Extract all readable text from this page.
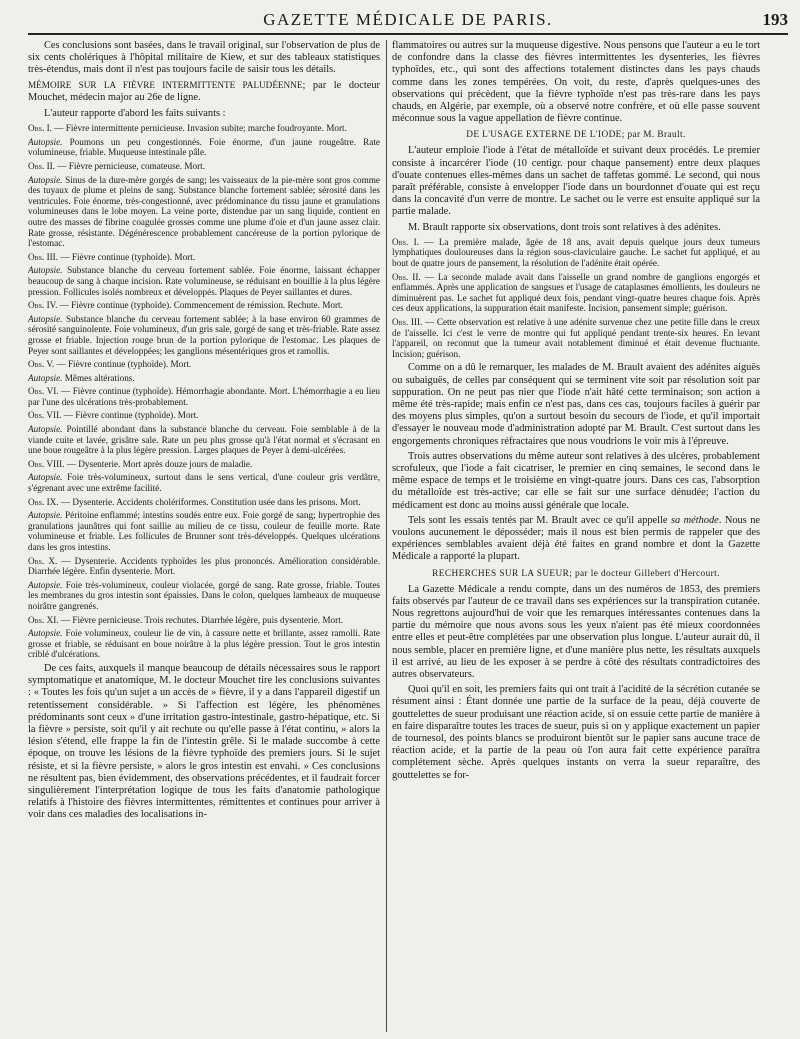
GAZETTE MÉDICALE DE PARIS.	193

Ces conclusions sont basées, dans le travail original, sur l'observation de plus de six cents cholériques à l'hôpital militaire de Kiew, et sur des tableaux statistiques très-étendus, mais dont il n'est pas toujours facile de saisir tous les détails.

MÉMOIRE SUR LA FIÈVRE INTERMITTENTE PALUDÉENNE; par le docteur Mouchet, médecin major au 26e de ligne.

L'auteur rapporte d'abord les faits suivants :

Obs. I. — Fièvre intermittente pernicieuse. Invasion subite; marche foudroyante. Mort.

Autopsie. Poumons un peu congestionnés. Foie énorme, d'un jaune rougeâtre. Rate volumineuse, friable. Muqueuse intestinale pâle.

Obs. II. — Fièvre pernicieuse, comateuse. Mort.

Autopsie. Sinus de la dure-mère gorgés de sang; les vaisseaux de la pie-mère sont gros comme des tuyaux de plume et pleins de sang. Substance blanche fortement sablée; sérosité dans les ventricules. Foie énorme, très-congestionné, avec prédominance du tissu jaune et granulations volumineuses dans le lobe moyen. La veine porte, distendue par un sang liquide, contient en outre des masses de fibrine coagulée grosses comme une plume d'oie et d'un jaune assez clair. Rate grosse, résistante. Dégénérescence probablement cancéreuse de la portion pylorique de l'estomac.

Obs. III. — Fièvre continue (typhoïde). Mort.

Autopsie. Substance blanche du cerveau fortement sablée. Foie énorme, laissant échapper beaucoup de sang à chaque incision. Rate volumineuse, se réduisant en bouillie à la plus légère pression. Follicules isolés nombreux et développés. Plaques de Peyer saillantes et dures.

Obs. IV. — Fièvre continue (typhoïde). Commencement de rémission. Rechute. Mort.

Autopsie. Substance blanche du cerveau fortement sablée; à la base environ 60 grammes de sérosité sanguinolente. Foie volumineux, d'un gris sale, gorgé de sang et très-friable. Rate assez grosse et friable. Injection rouge brun de la portion pylorique de l'estomac. Les plaques de Peyer sont saillantes et développées; les ganglions mésentériques gros et ramollis.

Obs. V. — Fièvre continue (typhoïde). Mort.

Autopsie. Mêmes altérations.

Obs. VI. — Fièvre continue (typhoïde). Hémorrhagie abondante. Mort. L'hémorrhagie a eu lieu par l'une des ulcérations très-probablement.

Obs. VII. — Fièvre continue (typhoïde). Mort.

Autopsie. Pointillé abondant dans la substance blanche du cerveau. Foie semblable à de la viande cuite et lavée, grisâtre sale. Rate un peu plus grosse qu'à l'état normal et s'écrasant en une boue rougeâtre à la plus légère pression. Larges plaques de Peyer à demi-ulcérées.

Obs. VIII. — Dysenterie. Mort après douze jours de maladie.

Autopsie. Foie très-volumineux, surtout dans le sens vertical, d'une couleur gris verdâtre, s'égrenant avec une extrême facilité.

Obs. IX. — Dysenterie. Accidents cholériformes. Constitution usée dans les prisons. Mort.

Autopsie. Péritoine enflammé; intestins soudés entre eux. Foie gorgé de sang; hypertrophie des granulations jaunâtres qui font saillie au milieu de ce tissu, couleur de feuille morte. Rate volumineuse et friable. Les follicules de Brunner sont très-développés. Quelques ulcérations dans les gros intestins.

Obs. X. — Dysenterie. Accidents typhoïdes les plus prononcés. Amélioration considérable. Diarrhée légère. Enfin dysenterie. Mort.

Autopsie. Foie très-volumineux, couleur violacée, gorgé de sang. Rate grosse, friable. Toutes les membranes du gros intestin sont épaissies. Dans le colon, quelques lambeaux de muqueuse noirâtre gangrenés.

Obs. XI. — Fièvre pernicieuse. Trois rechutes. Diarrhée légère, puis dysenterie. Mort.

Autopsie. Foie volumineux, couleur lie de vin, à cassure nette et brillante, assez ramolli. Rate grosse et friable, se réduisant en boue noirâtre à la plus légère pression. Tout le gros intestin criblé d'ulcérations.

De ces faits, auxquels il manque beaucoup de détails nécessaires sous le rapport symptomatique et anatomique, M. le docteur Mouchet tire les conclusions suivantes : « Toutes les fois qu'un sujet a un accès de » fièvre, il y a dans l'appareil digestif un retentissement considérable. » Si l'affection est légère, les phénomènes prédominants sont ceux » d'une irritation gastro-intestinale, gastro-hépatique, etc. Si la fièvre » persiste, soit qu'il y ait rechute ou qu'elle passe à l'état continu, » alors la lésion s'étend, elle frappe la fin de l'intestin grêle. Si le malade succombe à cette époque, on trouve les lésions de la fièvre typhoïde des premiers jours. Si le sujet résiste, et si la fièvre persiste, » alors le gros intestin est envahi. » Ces conclusions ne résultent pas, bien évidemment, des observations précédentes, et il faudrait forcer singulièrement l'interprétation logique de tous les faits d'anatomie pathologique relatifs à l'histoire des fièvres intermittentes, rémittentes et continues pour arriver à voir dans ces maladies des localisations in-

flammatoires ou autres sur la muqueuse digestive. Nous pensons que l'auteur a eu le tort de confondre dans la classe des fièvres intermittentes les dysenteries, les fièvres typhoïdes, etc., qui sont des affections totalement distinctes dans les pays chauds comme dans les zones tempérées. On voit, du reste, d'après quelques-unes des observations qui précèdent, que la fièvre typhoïde n'est pas très-rare dans les pays chauds, en Algérie, par exemple, où a observé notre confrère, et où elle passe souvent méconnue sous la vague appellation de fièvre continue.

DE L'USAGE EXTERNE DE L'IODE; par M. Brault.

L'auteur emploie l'iode à l'état de métalloïde et suivant deux procédés. Le premier consiste à incarcérer l'iode (10 centigr. pour chaque pansement) entre deux plaques d'ouate contenues elles-mêmes dans un sachet de taffetas gommé. Le second, qui nous paraît préférable, consiste à envelopper l'iode dans un bourdonnet d'ouate qui est reçu dans la concavité d'un verre de montre. Le sachet ou le verre est ensuite appliqué sur la partie malade.

M. Brault rapporte six observations, dont trois sont relatives à des adénites.

Obs. I. — La première malade, âgée de 18 ans, avait depuis quelque jours deux tumeurs lymphatiques douloureuses dans la région sous-claviculaire gauche. Le sachet fut appliqué, et au bout de quatre jours de pansement, la résolution de l'adénite était opérée.

Obs. II. — La seconde malade avait dans l'aisselle un grand nombre de ganglions engorgés et enflammés. Après une application de sangsues et l'usage de cataplasmes émollients, les douleurs ne diminuèrent pas. Le sachet fut appliqué deux fois, pendant vingt-quatre heures chaque fois. Après ces deux applications, la suppuration était manifeste. Incision, pansement simple; guérison.

Obs. III. — Cette observation est relative à une adénite survenue chez une petite fille dans le creux de l'aisselle. Ici c'est le verre de montre qui fut appliqué pendant trente-six heures. En levant l'appareil, on reconnut que la tumeur avait notablement diminué et était devenue fluctuante. Incision; guérison.

Comme on a dû le remarquer, les malades de M. Brault avaient des adénites aiguës ou subaiguës, de celles par conséquent qui se terminent vite soit par résolution soit par suppuration. On ne peut pas nier que l'iode n'ait hâté cette terminaison; son action a même été très-rapide; mais enfin ce n'est pas, dans ces cas, toujours faciles à guérir par des moyens plus simples, qu'on a surtout besoin du secours de l'iode, et qu'il importait d'essayer le nouveau mode d'administration adopté par M. Brault. C'est surtout dans les engorgements chroniques réfractaires que nous voudrions le voir mis à l'épreuve.

Trois autres observations du même auteur sont relatives à des ulcères, probablement scrofuleux, que l'iode a fait cicatriser, le premier en cinq semaines, le second dans le même espace de temps et le troisième en vingt-quatre jours. Dans ces cas, l'absorption du métalloïde est très-active; car elle se fait sur une surface dénudée; l'action du médicament est donc au moins aussi générale que locale.

Tels sont les essais tentés par M. Brault avec ce qu'il appelle sa méthode. Nous ne voulons aucunement le déposséder; mais il nous est bien permis de rappeler que des expériences semblables avaient déjà été faites en grand nombre et dont la Gazette Médicale a rapporté la plupart.

RECHERCHES SUR LA SUEUR; par le docteur Gillebert d'Hercourt.

La Gazette Médicale a rendu compte, dans un des numéros de 1853, des premiers faits observés par l'auteur de ce travail dans ses expériences sur la transpiration cutanée. Nous regrettons aujourd'hui de voir que les remarques intéressantes contenues dans la partie du mémoire que nous avons sous les yeux n'aient pas été mieux coordonnées entre elles et peut-être complétées par une observation plus longue. L'auteur aurait dû, il nous semble, placer en première ligne, et d'une manière plus nette, les résultats auxquels il est arrivé, au lieu de les exposer à se perdre à côté des résultats contradictoires des autres observateurs.

Quoi qu'il en soit, les premiers faits qui ont trait à l'acidité de la sécrétion cutanée se résument ainsi : Étant donnée une partie de la surface de la peau, déjà couverte de gouttelettes de sueur produisant une réaction acide, si on essuie cette partie de manière à en faire disparaître toutes les traces de sueur, puis si on y applique exactement un papier de tournesol, des points blancs se produiront bientôt sur le papier sans aucune trace de réaction acide, et la partie de la peau où l'on aura fait cette expérience paraîtra complétement sèche. Après quelques instants on verra la sueur reparaître, des gouttelettes se for-
